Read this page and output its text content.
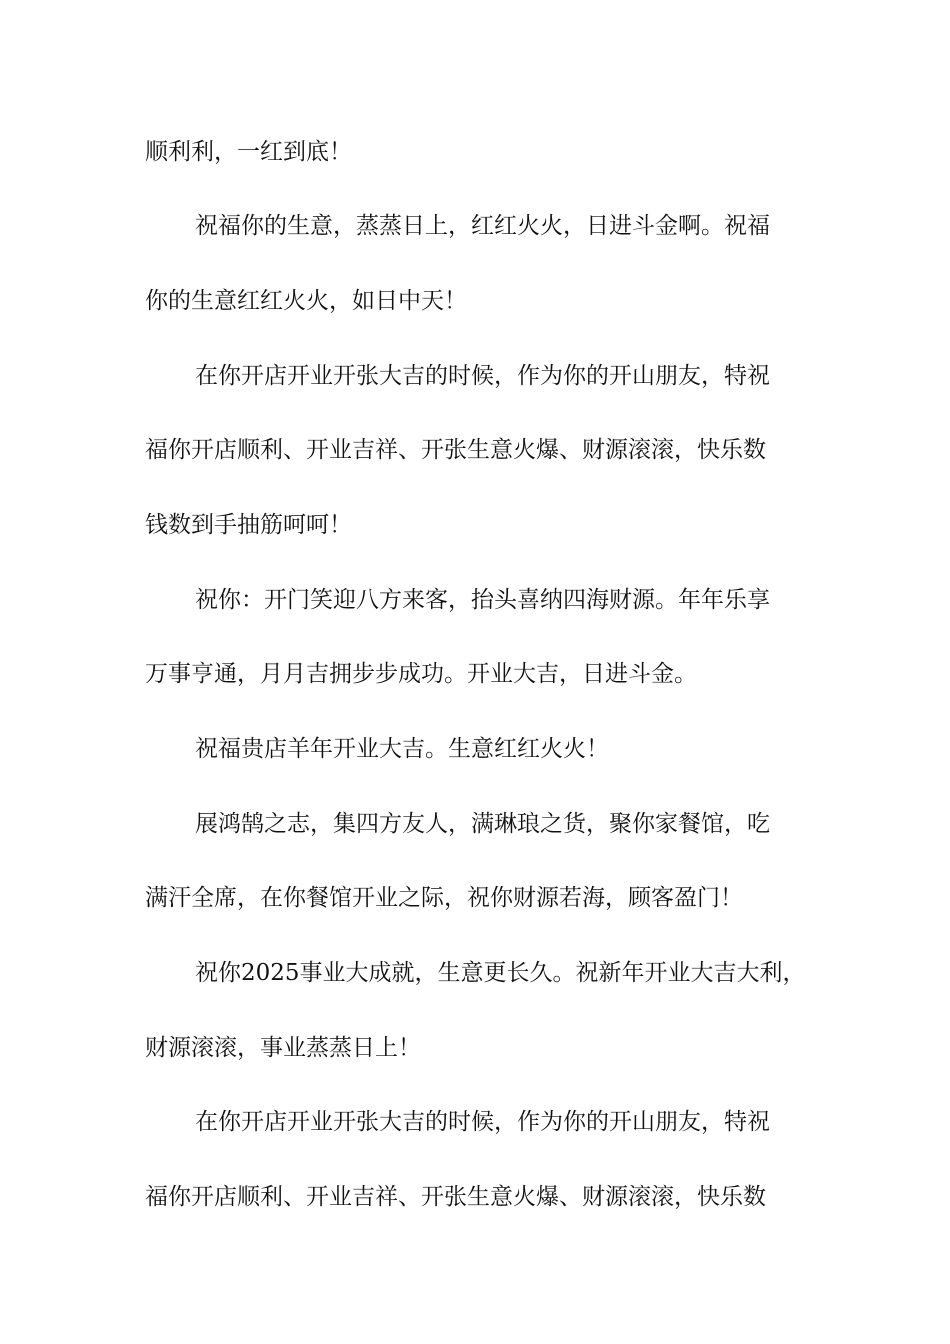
顺利利，一红到底！
祝福你的生意，蒸蒸日上，红红火火，日进斗金啊。祝福
你的生意红红火火，如日中天！
在你开店开业开张大吉的时候，作为你的开山朋友，特祝
福你开店顺利、开业吉祥、开张生意火爆、财源滚滚，快乐数
钱数到手抽筋呵呵！
祝你：开门笑迎八方来客，抬头喜纳四海财源。年年乐享
万事亨通，月月吉拥步步成功。开业大吉，日进斗金。
祝福贵店羊年开业大吉。生意红红火火！
展鸿鹄之志，集四方友人，满琳琅之货，聚你家餐馆，吃
满汗全席，在你餐馆开业之际，祝你财源若海，顾客盈门！
祝你2025事业大成就，生意更长久。祝新年开业大吉大利，
财源滚滚，事业蒸蒸日上！
在你开店开业开张大吉的时候，作为你的开山朋友，特祝
福你开店顺利、开业吉祥、开张生意火爆、财源滚滚，快乐数
